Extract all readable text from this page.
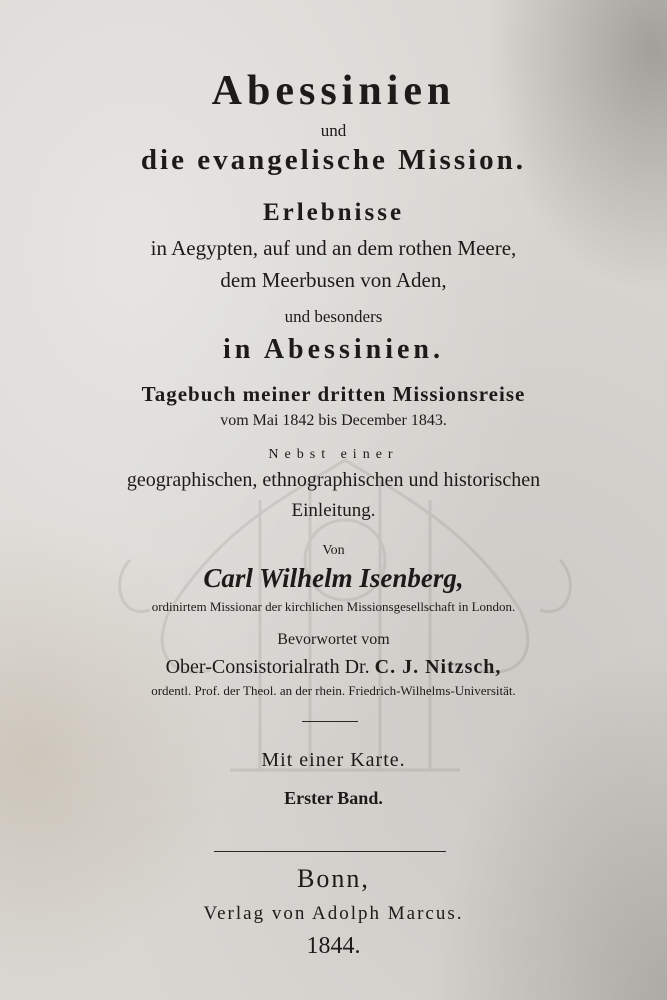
Abessinien
und
die evangelische Mission.
Erlebnisse
in Aegypten, auf und an dem rothen Meere,
dem Meerbusen von Aden,
und besonders
in Abessinien.
Tagebuch meiner dritten Missionsreise
vom Mai 1842 bis December 1843.
Nebst einer
geographischen, ethnographischen und historischen
Einleitung.
Von
Carl Wilhelm Isenberg,
ordinirtem Missionar der kirchlichen Missionsgesellschaft in London.
Bevorwortet vom
Ober-Consistorialrath Dr. C. J. Nitzsch,
ordentl. Prof. der Theol. an der rhein. Friedrich-Wilhelms-Universität.
Mit einer Karte.
Erster Band.
Bonn,
Verlag von Adolph Marcus.
1844.
